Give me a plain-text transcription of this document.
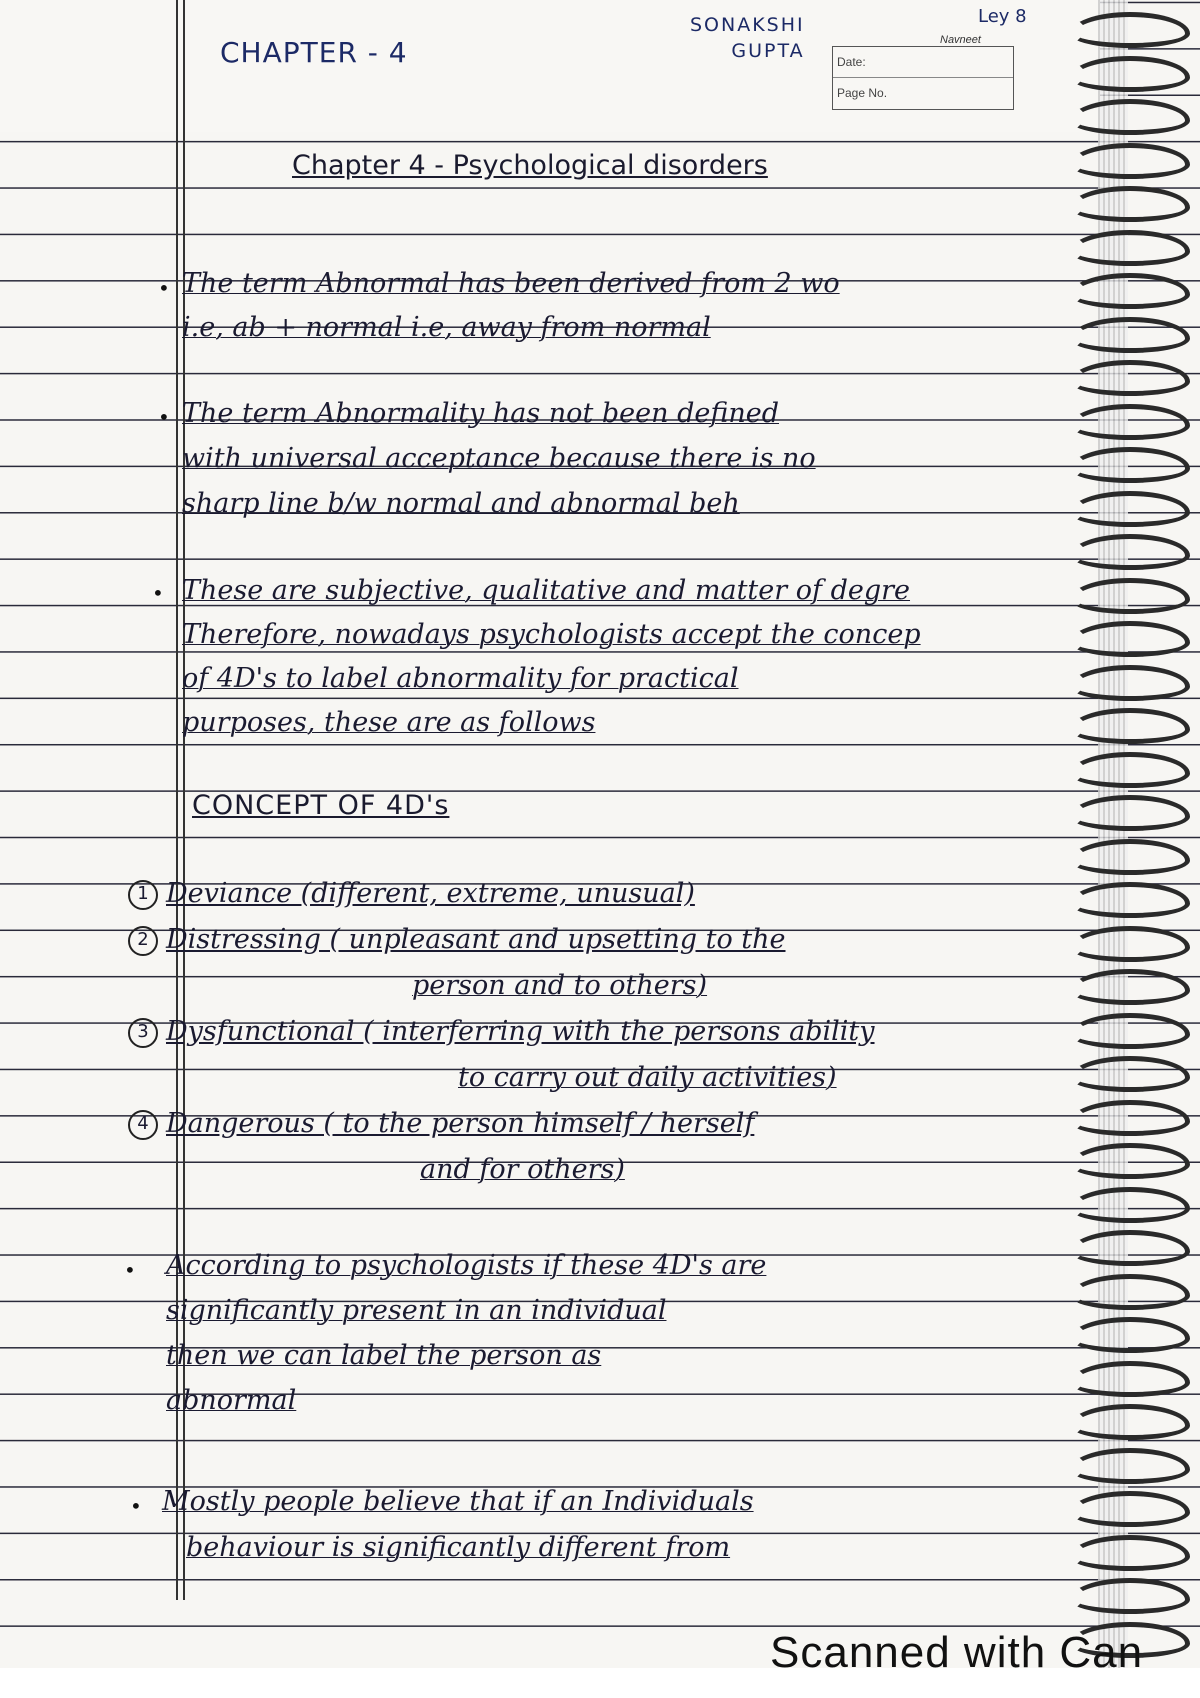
CHAPTER - 4
SONAKSHI
GUPTA
Ley 8
Navneet
Date:
Page No.
Chapter 4 - Psychological disorders
• The term Abnormal has been derived from 2 wo
i.e, ab + normal i.e, away from normal
• The term Abnormality has not been defined
with universal acceptance because there is no
sharp line b/w normal and abnormal beh
• These are subjective, qualitative and matter of degre
Therefore, nowadays psychologists accept the concep
of 4D's to label abnormality for practical
purposes, these are as follows
CONCEPT OF 4D's
1 Deviance (different, extreme, unusual)
2 Distressing ( unpleasant and upsetting to the
person and to others)
3 Dysfunctional ( interferring with the persons ability
to carry out daily activities)
4 Dangerous ( to the person himself / herself
and for others)
• According to psychologists if these 4D's are
significantly present in an individual
then we can label the person as
abnormal
• Mostly people believe that if an Individuals
behaviour is significantly different from
Scanned with Can
